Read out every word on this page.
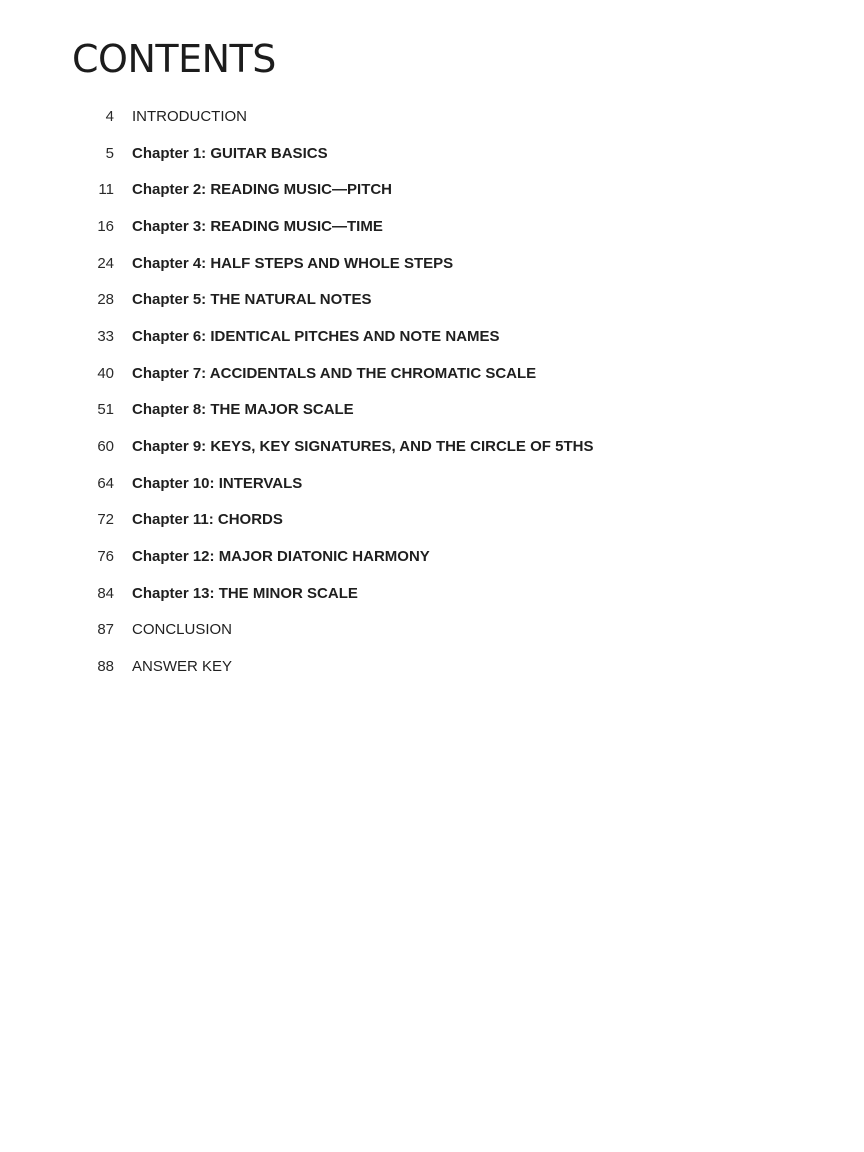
CONTENTS
4 INTRODUCTION
5 Chapter 1: GUITAR BASICS
11 Chapter 2: READING MUSIC—PITCH
16 Chapter 3: READING MUSIC—TIME
24 Chapter 4: HALF STEPS AND WHOLE STEPS
28 Chapter 5: THE NATURAL NOTES
33 Chapter 6: IDENTICAL PITCHES AND NOTE NAMES
40 Chapter 7: ACCIDENTALS AND THE CHROMATIC SCALE
51 Chapter 8: THE MAJOR SCALE
60 Chapter 9: KEYS, KEY SIGNATURES, AND THE CIRCLE OF 5THS
64 Chapter 10: INTERVALS
72 Chapter 11: CHORDS
76 Chapter 12: MAJOR DIATONIC HARMONY
84 Chapter 13: THE MINOR SCALE
87 CONCLUSION
88 ANSWER KEY
